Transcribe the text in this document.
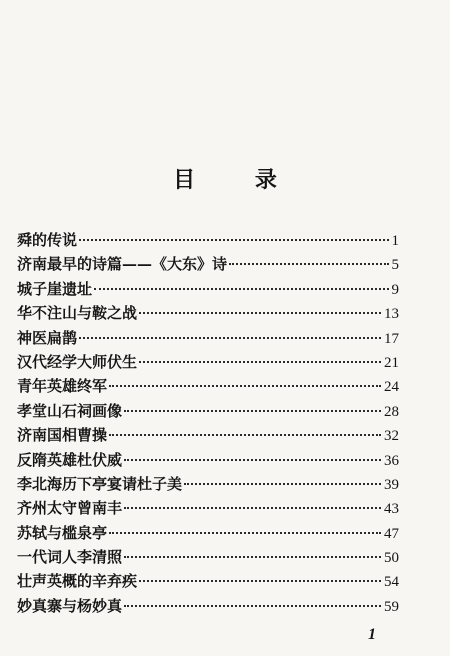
目 录
舜的传说	1
济南最早的诗篇——《大东》诗	5
城子崖遗址	9
华不注山与鞍之战	13
神医扁鹊	17
汉代经学大师伏生	21
青年英雄终军	24
孝堂山石祠画像	28
济南国相曹操	32
反隋英雄杜伏威	36
李北海历下亭宴请杜子美	39
齐州太守曾南丰	43
苏轼与槛泉亭	47
一代词人李清照	50
壮声英概的辛弃疾	54
妙真寨与杨妙真	59
1
